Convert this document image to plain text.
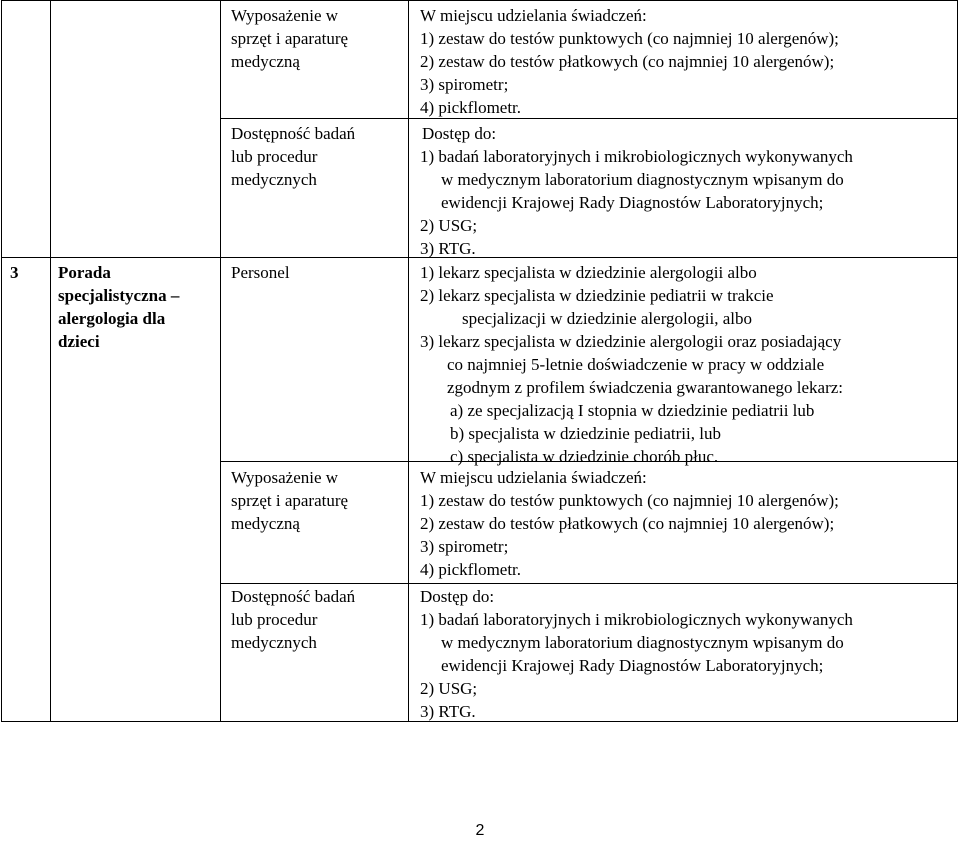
Wyposażenie w
sprzęt i aparaturę
medyczną
W miejscu udzielania świadczeń:
1) zestaw do testów punktowych (co najmniej 10 alergenów);
2) zestaw do testów płatkowych (co najmniej 10 alergenów);
3) spirometr;
4) pickflometr.
Dostępność badań
lub procedur
medycznych
Dostęp do:
1) badań laboratoryjnych i mikrobiologicznych wykonywanych
w medycznym laboratorium diagnostycznym wpisanym do
ewidencji Krajowej Rady Diagnostów Laboratoryjnych;
2) USG;
3) RTG.
3 Porada
specjalistyczna –
alergologia dla
dzieci
Personel	1) lekarz specjalista w dziedzinie alergologii albo
2) lekarz specjalista w dziedzinie pediatrii w trakcie
specjalizacji w dziedzinie alergologii, albo
3) lekarz specjalista w dziedzinie alergologii oraz posiadający
co najmniej 5-letnie doświadczenie w pracy w oddziale
zgodnym z profilem świadczenia gwarantowanego lekarz:
a) ze specjalizacją I stopnia w dziedzinie pediatrii lub
b) specjalista w dziedzinie pediatrii, lub
c) specjalista w dziedzinie chorób płuc.
Wyposażenie w
sprzęt i aparaturę
medyczną
W miejscu udzielania świadczeń:
1) zestaw do testów punktowych (co najmniej 10 alergenów);
2) zestaw do testów płatkowych (co najmniej 10 alergenów);
3) spirometr;
4) pickflometr.
Dostępność badań
lub procedur
medycznych
Dostęp do:
1) badań laboratoryjnych i mikrobiologicznych wykonywanych
w medycznym laboratorium diagnostycznym wpisanym do
ewidencji Krajowej Rady Diagnostów Laboratoryjnych;
2) USG;
3) RTG.
2
